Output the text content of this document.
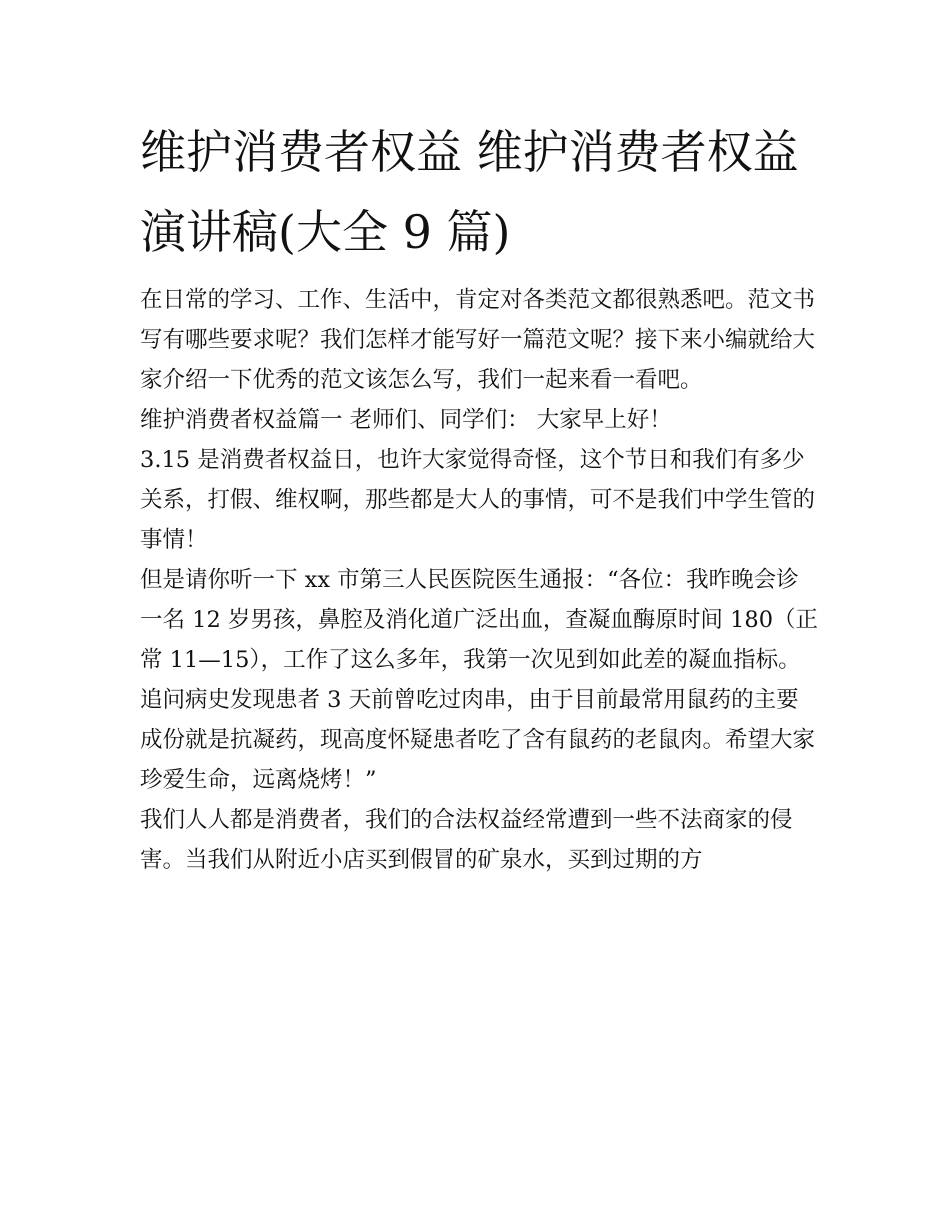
维护消费者权益 维护消费者权益演讲稿(大全 9 篇)

在日常的学习、工作、生活中，肯定对各类范文都很熟悉吧。范文书写有哪些要求呢？我们怎样才能写好一篇范文呢？接下来小编就给大家介绍一下优秀的范文该怎么写，我们一起来看一看吧。

维护消费者权益篇一 老师们、同学们： 大家早上好！

3.15 是消费者权益日，也许大家觉得奇怪，这个节日和我们有多少关系，打假、维权啊，那些都是大人的事情，可不是我们中学生管的事情！

但是请你听一下 xx 市第三人民医院医生通报：“各位：我昨晚会诊一名 12 岁男孩，鼻腔及消化道广泛出血，查凝血酶原时间 180（正常 11—15），工作了这么多年，我第一次见到如此差的凝血指标。追问病史发现患者 3 天前曾吃过肉串，由于目前最常用鼠药的主要成份就是抗凝药，现高度怀疑患者吃了含有鼠药的老鼠肉。希望大家珍爱生命，远离烧烤！”

我们人人都是消费者，我们的合法权益经常遭到一些不法商家的侵害。当我们从附近小店买到假冒的矿泉水，买到过期的方
